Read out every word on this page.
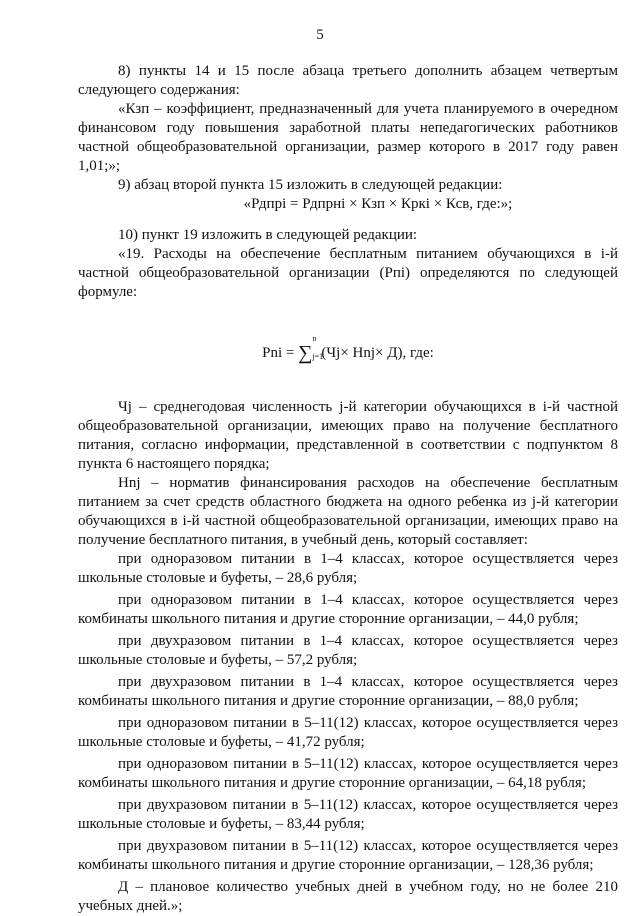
5

8) пункты 14 и 15 после абзаца третьего дополнить абзацем четвертым следующего содержания:

«Кзп – коэффициент, предназначенный для учета планируемого в очередном финансовом году повышения заработной платы непедагогических работников частной общеобразовательной организации, размер которого в 2017 году равен 1,01;»;

9) абзац второй пункта 15 изложить в следующей редакции:

«Рдпрi = Рдпрнi × Кзп × Кркi × Ксв, где:»;

10) пункт 19 изложить в следующей редакции:

«19. Расходы на обеспечение бесплатным питанием обучающихся в i-й частной общеобразовательной организации (Рпi) определяются по следующей формуле:

Pni = ∑
n
j=1
(Чj× Hnj× Д), где:

Чj – среднегодовая численность j-й категории обучающихся в i-й частной общеобразовательной организации, имеющих право на получение бесплатного питания, согласно информации, представленной в соответствии с подпунктом 8 пункта 6 настоящего порядка;

Нnj – норматив финансирования расходов на обеспечение бесплатным питанием за счет средств областного бюджета на одного ребенка из j-й категории обучающихся в i-й частной общеобразовательной организации, имеющих право на получение бесплатного питания, в учебный день, который составляет:

при одноразовом питании в 1–4 классах, которое осуществляется через школьные столовые и буфеты, – 28,6 рубля;

при одноразовом питании в 1–4 классах, которое осуществляется через комбинаты школьного питания и другие сторонние организации, – 44,0 рубля;

при двухразовом питании в 1–4 классах, которое осуществляется через школьные столовые и буфеты, – 57,2 рубля;

при двухразовом питании в 1–4 классах, которое осуществляется через комбинаты школьного питания и другие сторонние организации, – 88,0 рубля;

при одноразовом питании в 5–11(12) классах, которое осуществляется через школьные столовые и буфеты, – 41,72 рубля;

при одноразовом питании в 5–11(12) классах, которое осуществляется через комбинаты школьного питания и другие сторонние организации, – 64,18 рубля;

при двухразовом питании в 5–11(12) классах, которое осуществляется через школьные столовые и буфеты, – 83,44 рубля;

при двухразовом питании в 5–11(12) классах, которое осуществляется через комбинаты школьного питания и другие сторонние организации, – 128,36 рубля;

Д – плановое количество учебных дней в учебном году, но не более 210 учебных дней.»;
